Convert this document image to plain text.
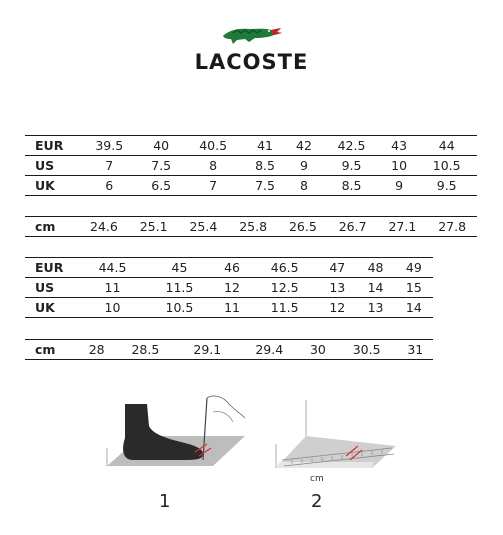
LACOSTE
EUR	39.5	40	40.5	41	42	42.5	43	44
US	7	7.5	8	8.5	9	9.5	10	10.5
UK	6	6.5	7	7.5	8	8.5	9	9.5
cm	24.6	25.1	25.4	25.8	26.5	26.7	27.1	27.8
EUR	44.5	45	46	46.5	47	48	49
US	11	11.5	12	12.5	13	14	15
UK	10	10.5	11	11.5	12	13	14
cm	28	28.5	29.1	29.4	30	30.5	31
1
cm
2
